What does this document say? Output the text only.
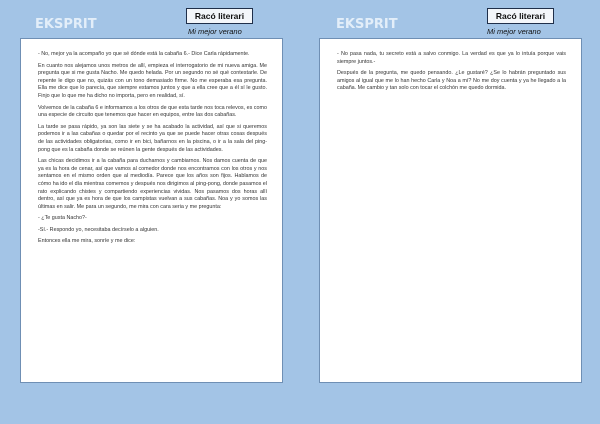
EKSPRIT
Racó literari
Mi mejor verano	EKSPRIT
Racó literari
Mi mejor verano

- No, mejor ya la acompaño yo que sé dónde está la cabaña 6.- Dice Carla rápidamente.

En cuanto nos alejamos unos metros de allí, empieza el interrogatorio de mi nueva amiga. Me pregunta que si me gusta Nacho. Me quedo helada. Por un segundo no sé qué contestarle. De repente le digo que no, quizás con un tono demasiado firme. No me esperaba esa pregunta. Ella me dice que lo parecía, que siempre estamos juntos y que a ella cree que a él sí le gusto. Finjo que lo que me ha dicho no importa, pero en realidad, sí.

Volvemos de la cabaña 6 e informamos a los otros de que esta tarde nos toca relevos, es como una especie de circuito que tenemos que hacer en equipos, entre las dos cabañas.

La tarde se pasa rápido, ya son las siete y se ha acabado la actividad, así que si queremos podemos ir a las cabañas o quedar por el recinto ya que se puede hacer otras cosas después de las actividades obligatorias, como ir en bici, bañarnos en la piscina, o ir a la sala del ping-pong que es la cabaña donde se reúnen la gente después de las actividades.

Las chicas decidimos ir a la cabaña para ducharnos y cambiarnos. Nos damos cuenta de que ya es la hora de cenar, así que vamos al comedor donde nos encontramos con los otros y nos sentamos en el mismo orden que al mediodía. Parece que los años son fijos. Hablamos de cómo ha ido el día mientras comemos y después nos dirigimos al ping-pong, donde pasamos el rato explicando chistes y compartiendo experiencias vividas. Nos pasamos dos horas allí dentro, así que ya es hora de que los campistas vuelvan a sus cabañas. Noa y yo somos las últimas en salir. Me para un segundo, me mira con cara seria y me pregunta:

- ¿Te gusta Nacho?-

-Sí.- Respondo yo, necesitaba decírselo a alguien.

Entonces ella me mira, sonríe y me dice:

- No pasa nada, tu secreto está a salvo conmigo. La verdad es que ya lo intuía porque vais siempre juntos.-

Después de la pregunta, me quedo pensando. ¿Le gustaré? ¿Se lo habrán preguntado sus amigos al igual que me lo han hecho Carla y Noa a mí? No me doy cuenta y ya he llegado a la cabaña. Me cambio y tan solo con tocar el colchón me quedo dormida.
